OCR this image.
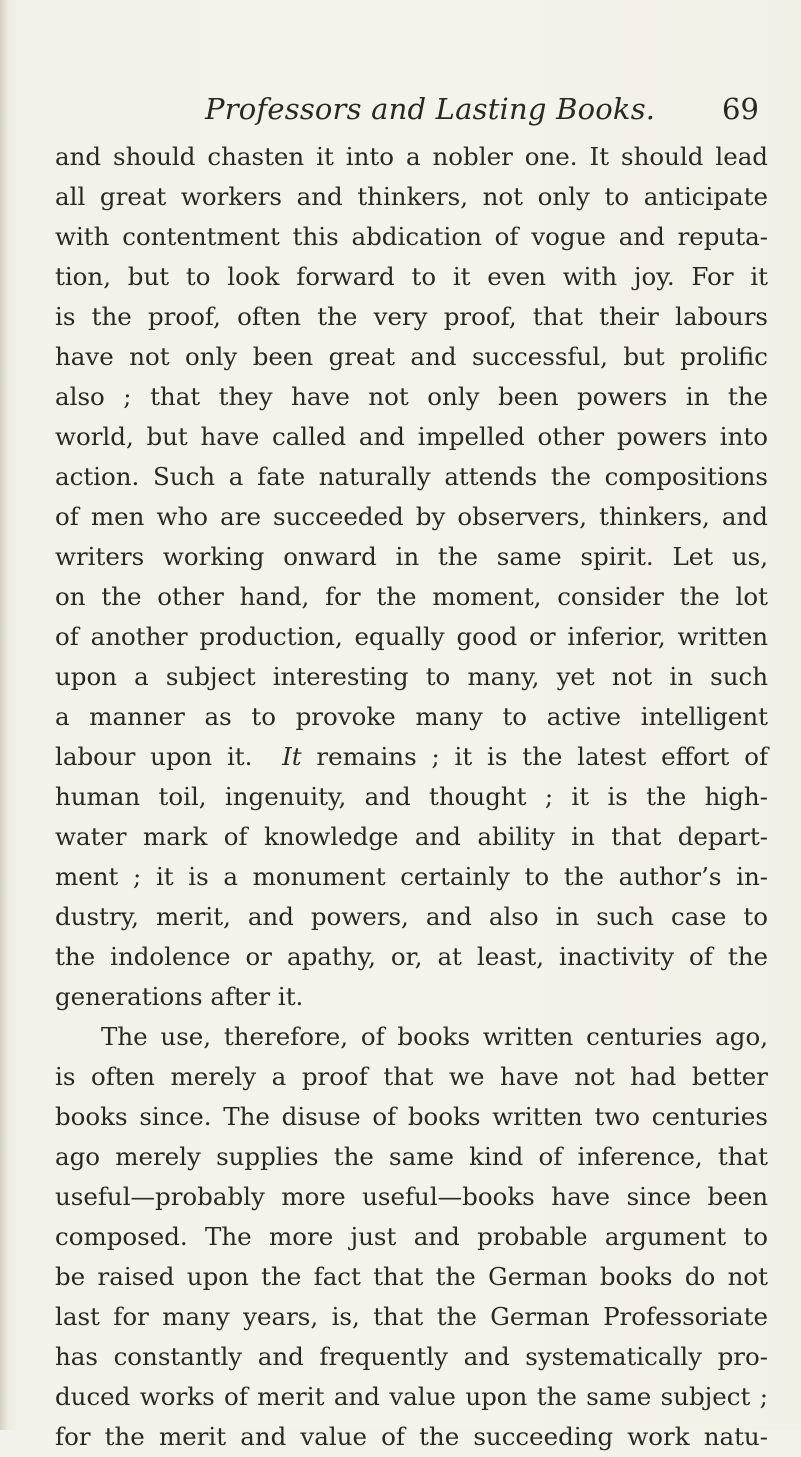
Professors and Lasting Books. 69
and should chasten it into a nobler one. It should lead
all great workers and thinkers, not only to anticipate
with contentment this abdication of vogue and reputa-
tion, but to look forward to it even with joy. For it
is the proof, often the very proof, that their labours
have not only been great and successful, but prolific
also ; that they have not only been powers in the
world, but have called and impelled other powers into
action. Such a fate naturally attends the compositions
of men who are succeeded by observers, thinkers, and
writers working onward in the same spirit. Let us,
on the other hand, for the moment, consider the lot
of another production, equally good or inferior, written
upon a subject interesting to many, yet not in such
a manner as to provoke many to active intelligent
labour upon it. It remains ; it is the latest effort of
human toil, ingenuity, and thought ; it is the high-
water mark of knowledge and ability in that depart-
ment ; it is a monument certainly to the author’s in-
dustry, merit, and powers, and also in such case to
the indolence or apathy, or, at least, inactivity of the
generations after it.
The use, therefore, of books written centuries ago,
is often merely a proof that we have not had better
books since. The disuse of books written two centuries
ago merely supplies the same kind of inference, that
useful—probably more useful—books have since been
composed. The more just and probable argument to
be raised upon the fact that the German books do not
last for many years, is, that the German Professoriate
has constantly and frequently and systematically pro-
duced works of merit and value upon the same subject ;
for the merit and value of the succeeding work natu-
